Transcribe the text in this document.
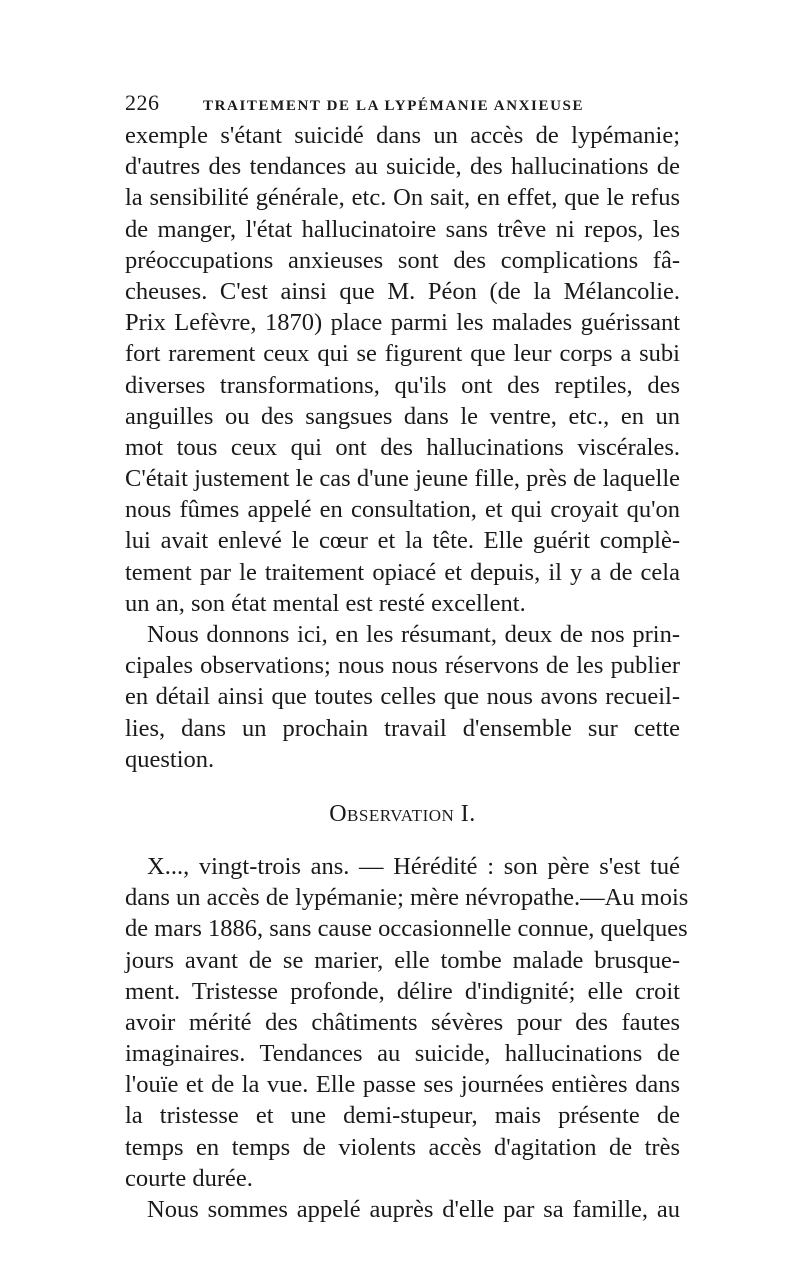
226	TRAITEMENT DE LA LYPÉMANIE ANXIEUSE
exemple s'étant suicidé dans un accès de lypémanie;
d'autres des tendances au suicide, des hallucinations de
la sensibilité générale, etc. On sait, en effet, que le refus
de manger, l'état hallucinatoire sans trêve ni repos, les
préoccupations anxieuses sont des complications fâ-
cheuses. C'est ainsi que M. Péon (de la Mélancolie.
Prix Lefèvre, 1870) place parmi les malades guérissant
fort rarement ceux qui se figurent que leur corps a subi
diverses transformations, qu'ils ont des reptiles, des
anguilles ou des sangsues dans le ventre, etc., en un
mot tous ceux qui ont des hallucinations viscérales.
C'était justement le cas d'une jeune fille, près de laquelle
nous fûmes appelé en consultation, et qui croyait qu'on
lui avait enlevé le cœur et la tête. Elle guérit complè-
tement par le traitement opiacé et depuis, il y a de cela
un an, son état mental est resté excellent.
Nous donnons ici, en les résumant, deux de nos prin-
cipales observations; nous nous réservons de les publier
en détail ainsi que toutes celles que nous avons recueil-
lies, dans un prochain travail d'ensemble sur cette
question.
Observation I.
X..., vingt-trois ans. — Hérédité : son père s'est tué
dans un accès de lypémanie; mère névropathe.—Au mois
de mars 1886, sans cause occasionnelle connue, quelques
jours avant de se marier, elle tombe malade brusque-
ment. Tristesse profonde, délire d'indignité; elle croit
avoir mérité des châtiments sévères pour des fautes
imaginaires. Tendances au suicide, hallucinations de
l'ouïe et de la vue. Elle passe ses journées entières dans
la tristesse et une demi-stupeur, mais présente de
temps en temps de violents accès d'agitation de très
courte durée.
Nous sommes appelé auprès d'elle par sa famille, au
